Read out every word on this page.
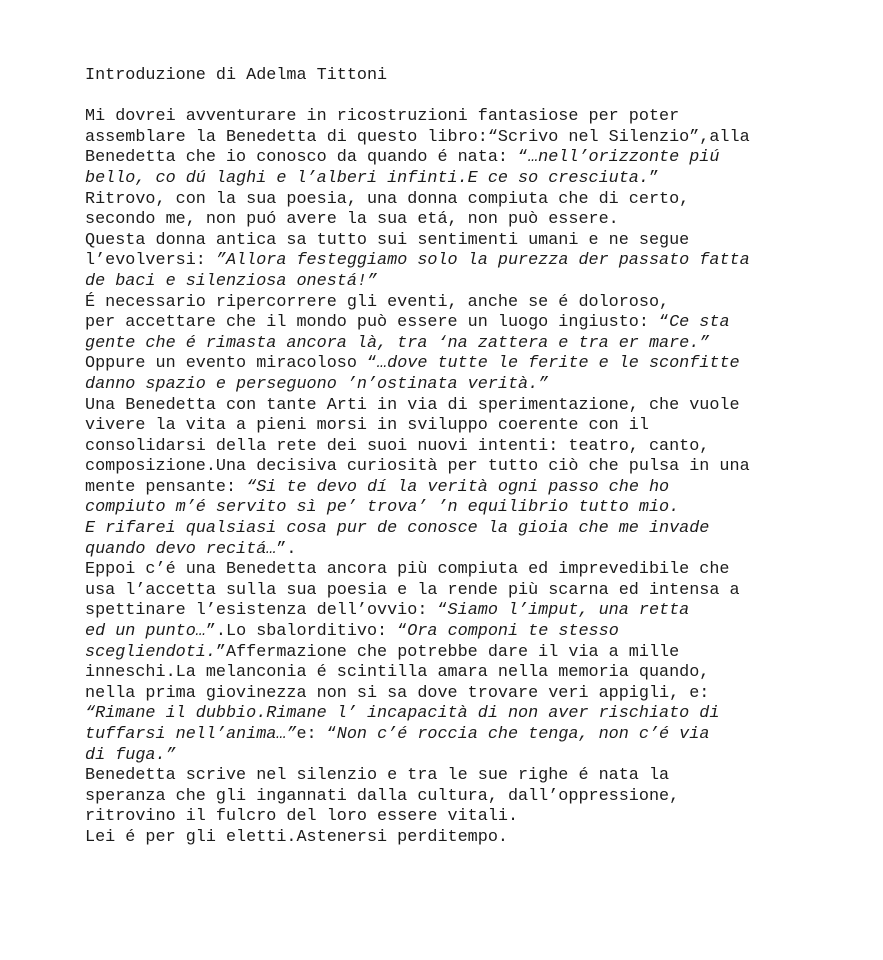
Introduzione di Adelma Tittoni
Mi dovrei avventurare in ricostruzioni fantasiose per poter
assemblare la Benedetta di questo libro:“Scrivo nel Silenzio”,alla
Benedetta che io conosco da quando é nata: “…nell’orizzonte piú
bello, co dú laghi e l’alberi infinti.E ce so cresciuta.”
Ritrovo, con la sua poesia, una donna compiuta che di certo,
secondo me, non puó avere la sua etá, non può essere.
Questa donna antica sa tutto sui sentimenti umani e ne segue
l’evolversi: ”Allora festeggiamo solo la purezza der passato fatta
de baci e silenziosa onestá!”
É necessario ripercorrere gli eventi, anche se é doloroso,
per accettare che il mondo può essere un luogo ingiusto: “Ce sta
gente che é rimasta ancora là, tra ‘na zattera e tra er mare.”
Oppure un evento miracoloso “…dove tutte le ferite e le sconfitte
danno spazio e perseguono ’n’ostinata verità.”
Una Benedetta con tante Arti in via di sperimentazione, che vuole
vivere la vita a pieni morsi in sviluppo coerente con il
consolidarsi della rete dei suoi nuovi intenti: teatro, canto,
composizione.Una decisiva curiosità per tutto ciò che pulsa in una
mente pensante: “Si te devo dí la verità ogni passo che ho
compiuto m’é servito sì pe’ trova’ ’n equilibrio tutto mio.
E rifarei qualsiasi cosa pur de conosce la gioia che me invade
quando devo recitá…”.
Eppoi c’é una Benedetta ancora più compiuta ed imprevedibile che
usa l’accetta sulla sua poesia e la rende più scarna ed intensa a
spettinare l’esistenza dell’ovvio: “Siamo l’imput, una retta
ed un punto…”.Lo sbalorditivo: “Ora componi te stesso
scegliendoti.”Affermazione che potrebbe dare il via a mille
inneschi.La melanconia é scintilla amara nella memoria quando,
nella prima giovinezza non si sa dove trovare veri appigli, e:
“Rimane il dubbio.Rimane l’ incapacità di non aver rischiato di
tuffarsi nell’anima…”e: “Non c’é roccia che tenga, non c’é via
di fuga.”
Benedetta scrive nel silenzio e tra le sue righe é nata la
speranza che gli ingannati dalla cultura, dall’oppressione,
ritrovino il fulcro del loro essere vitali.
Lei é per gli eletti.Astenersi perditempo.
